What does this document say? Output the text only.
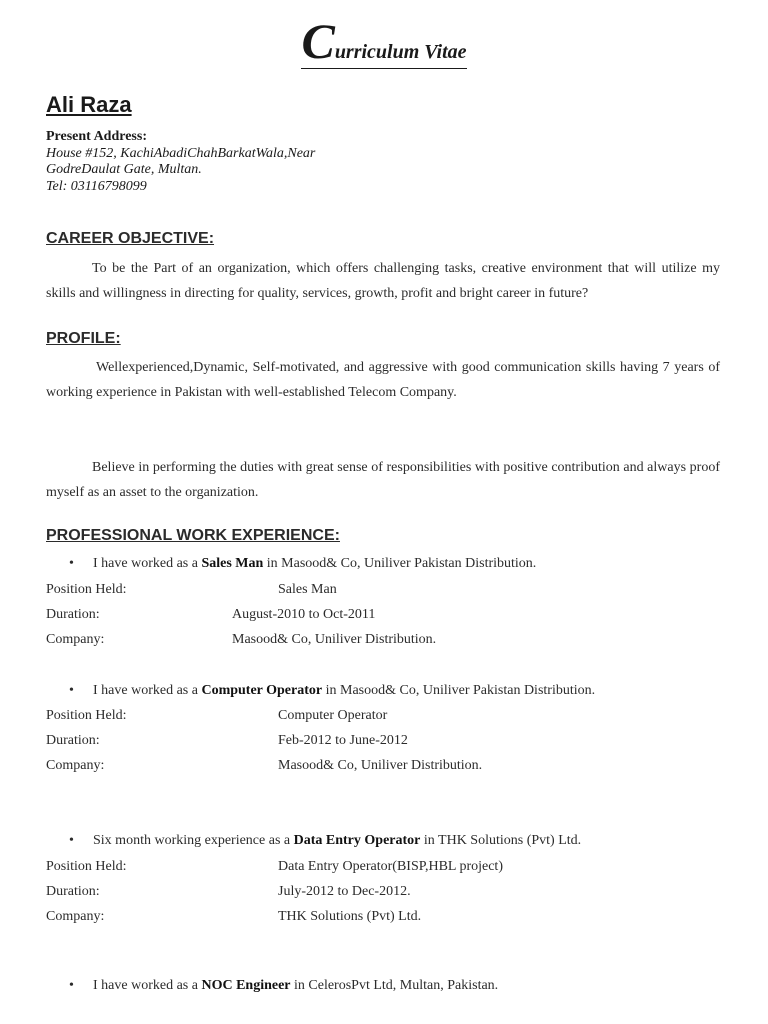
Curriculum Vitae
Ali Raza
Present Address:
House #152, KachiAbadiChahBarkatWala,Near
GodreDaulat Gate, Multan.
Tel: 03116798099
CAREER OBJECTIVE:
To be the Part of an organization, which offers challenging tasks, creative environment that will utilize my skills and willingness in directing for quality, services, growth, profit and bright career in future?
PROFILE:
Wellexperienced,Dynamic, Self-motivated, and aggressive with good communication skills having 7 years of working experience in Pakistan with well-established Telecom Company.
Believe in performing the duties with great sense of responsibilities with positive contribution and always proof myself as an asset to the organization.
PROFESSIONAL WORK EXPERIENCE:
• I have worked as a Sales Man in Masood& Co, Uniliver Pakistan Distribution.
Position Held:	Sales Man
Duration:	August-2010 to Oct-2011
Company:	Masood& Co, Uniliver Distribution.
• I have worked as a Computer Operator in Masood& Co, Uniliver Pakistan Distribution.
Position Held:	Computer Operator
Duration:	Feb-2012 to June-2012
Company:	Masood& Co, Uniliver Distribution.
• Six month working experience as a Data Entry Operator in THK Solutions (Pvt) Ltd.
Position Held:	Data Entry Operator(BISP,HBL project)
Duration:	July-2012 to Dec-2012.
Company:	THK Solutions (Pvt) Ltd.
• I have worked as a NOC Engineer in CelerosPvt Ltd, Multan, Pakistan.
